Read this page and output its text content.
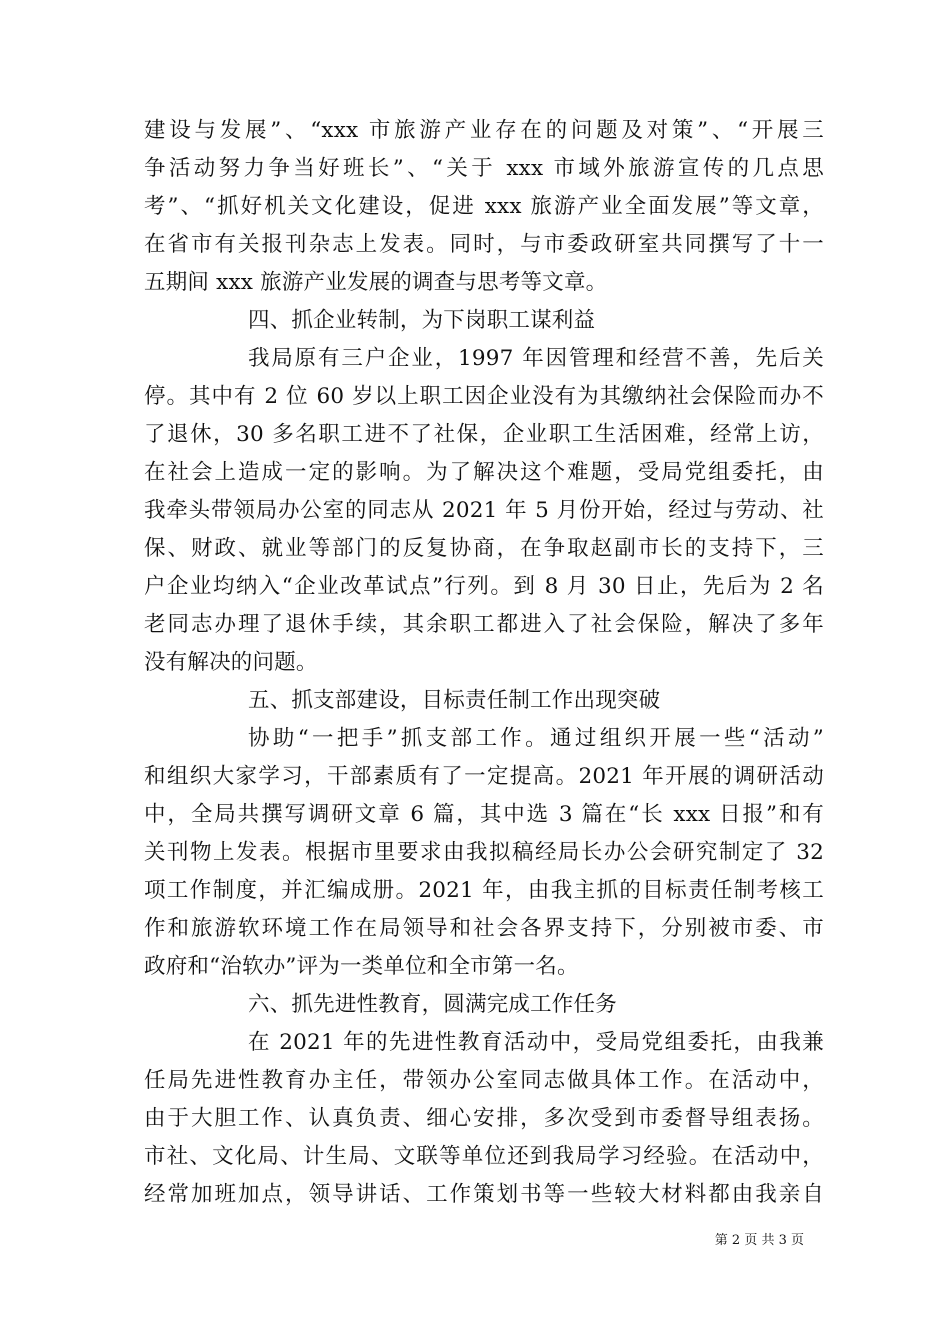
建设与发展”、“xxx 市旅游产业存在的问题及对策”、“开展三
争活动努力争当好班长”、“关于 xxx 市域外旅游宣传的几点思
考”、“抓好机关文化建设，促进 xxx 旅游产业全面发展”等文章，
在省市有关报刊杂志上发表。同时，与市委政研室共同撰写了十一
五期间 xxx 旅游产业发展的调查与思考等文章。
四、抓企业转制，为下岗职工谋利益
我局原有三户企业，1997 年因管理和经营不善，先后关
停。其中有 2 位 60 岁以上职工因企业没有为其缴纳社会保险而办不
了退休，30 多名职工进不了社保，企业职工生活困难，经常上访，
在社会上造成一定的影响。为了解决这个难题，受局党组委托，由
我牵头带领局办公室的同志从 2021 年 5 月份开始，经过与劳动、社
保、财政、就业等部门的反复协商，在争取赵副市长的支持下，三
户企业均纳入“企业改革试点”行列。到 8 月 30 日止，先后为 2 名
老同志办理了退休手续，其余职工都进入了社会保险，解决了多年
没有解决的问题。
五、抓支部建设，目标责任制工作出现突破
协助“一把手”抓支部工作。通过组织开展一些“活动”
和组织大家学习，干部素质有了一定提高。2021 年开展的调研活动
中，全局共撰写调研文章 6 篇，其中选 3 篇在“长 xxx 日报”和有
关刊物上发表。根据市里要求由我拟稿经局长办公会研究制定了 32
项工作制度，并汇编成册。2021 年，由我主抓的目标责任制考核工
作和旅游软环境工作在局领导和社会各界支持下，分别被市委、市
政府和“治软办”评为一类单位和全市第一名。
六、抓先进性教育，圆满完成工作任务
在 2021 年的先进性教育活动中，受局党组委托，由我兼
任局先进性教育办主任，带领办公室同志做具体工作。在活动中，
由于大胆工作、认真负责、细心安排，多次受到市委督导组表扬。
市社、文化局、计生局、文联等单位还到我局学习经验。在活动中，
经常加班加点，领导讲话、工作策划书等一些较大材料都由我亲自
第 2 页 共 3 页
